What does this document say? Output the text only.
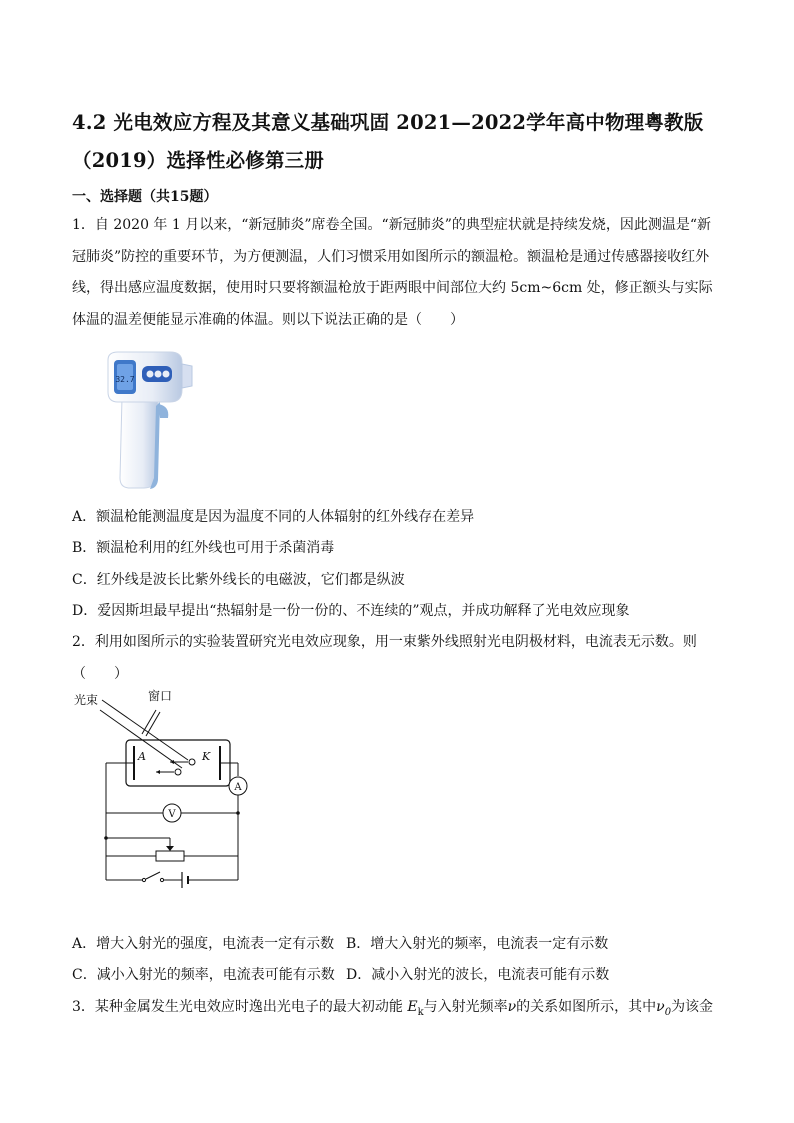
4.2 光电效应方程及其意义基础巩固 2021—2022学年高中物理粤教版（2019）选择性必修第三册
一、选择题（共15题）
1．自 2020 年 1 月以来，“新冠肺炎”席卷全国。“新冠肺炎”的典型症状就是持续发烧，因此测温是“新冠肺炎”防控的重要环节，为方便测温，人们习惯采用如图所示的额温枪。额温枪是通过传感器接收红外线，得出感应温度数据，使用时只要将额温枪放于距两眼中间部位大约 5cm~6cm 处，修正额头与实际体温的温差便能显示准确的体温。则以下说法正确的是（　　）
32.7
A．额温枪能测温度是因为温度不同的人体辐射的红外线存在差异
B．额温枪利用的红外线也可用于杀菌消毒
C．红外线是波长比紫外线长的电磁波，它们都是纵波
D．爱因斯坦最早提出“热辐射是一份一份的、不连续的”观点，并成功解释了光电效应现象
2．利用如图所示的实验装置研究光电效应现象，用一束紫外线照射光电阴极材料，电流表无示数。则（　　）
光束	窗口
A	K
A
V
A．增大入射光的强度，电流表一定有示数 B．增大入射光的频率，电流表一定有示数
C．减小入射光的频率，电流表可能有示数 D．减小入射光的波长，电流表可能有示数
3．某种金属发生光电效应时逸出光电子的最大初动能 $E_k$与入射光频率ν的关系如图所示，其中$\nu_0$为该金
